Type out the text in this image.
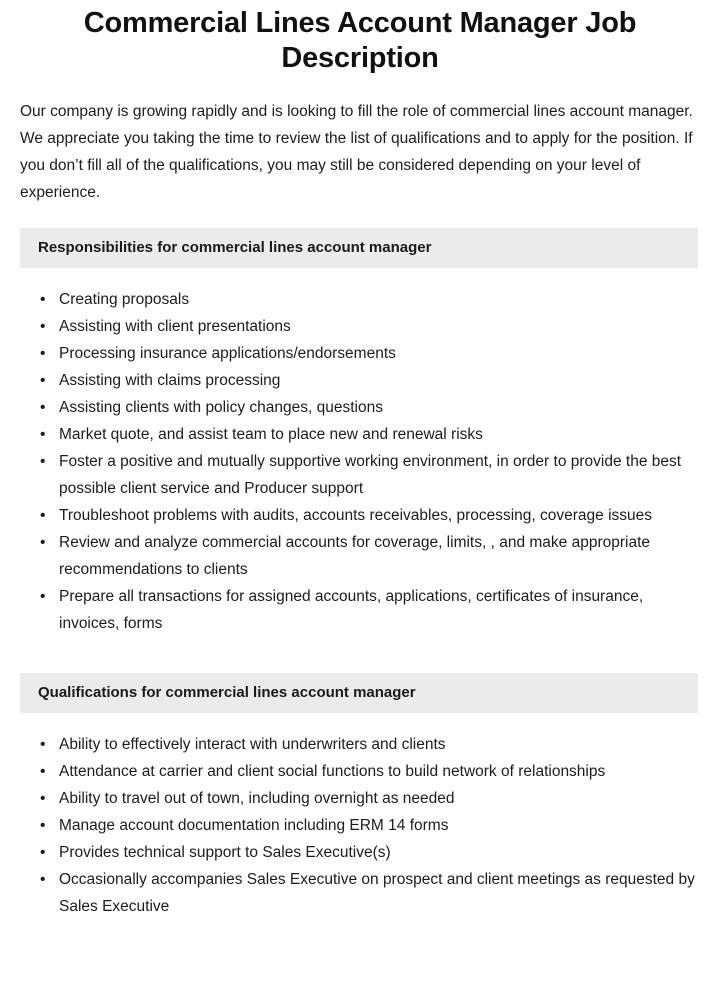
Commercial Lines Account Manager Job Description

Our company is growing rapidly and is looking to fill the role of commercial lines account manager. We appreciate you taking the time to review the list of qualifications and to apply for the position. If you don’t fill all of the qualifications, you may still be considered depending on your level of experience.

Responsibilities for commercial lines account manager
• Creating proposals
• Assisting with client presentations
• Processing insurance applications/endorsements
• Assisting with claims processing
• Assisting clients with policy changes, questions
• Market quote, and assist team to place new and renewal risks
• Foster a positive and mutually supportive working environment, in order to provide the best possible client service and Producer support
• Troubleshoot problems with audits, accounts receivables, processing, coverage issues
• Review and analyze commercial accounts for coverage, limits, , and make appropriate recommendations to clients
• Prepare all transactions for assigned accounts, applications, certificates of insurance, invoices, forms
Qualifications for commercial lines account manager
• Ability to effectively interact with underwriters and clients
• Attendance at carrier and client social functions to build network of relationships
• Ability to travel out of town, including overnight as needed
• Manage account documentation including ERM 14 forms
• Provides technical support to Sales Executive(s)
• Occasionally accompanies Sales Executive on prospect and client meetings as requested by Sales Executive
